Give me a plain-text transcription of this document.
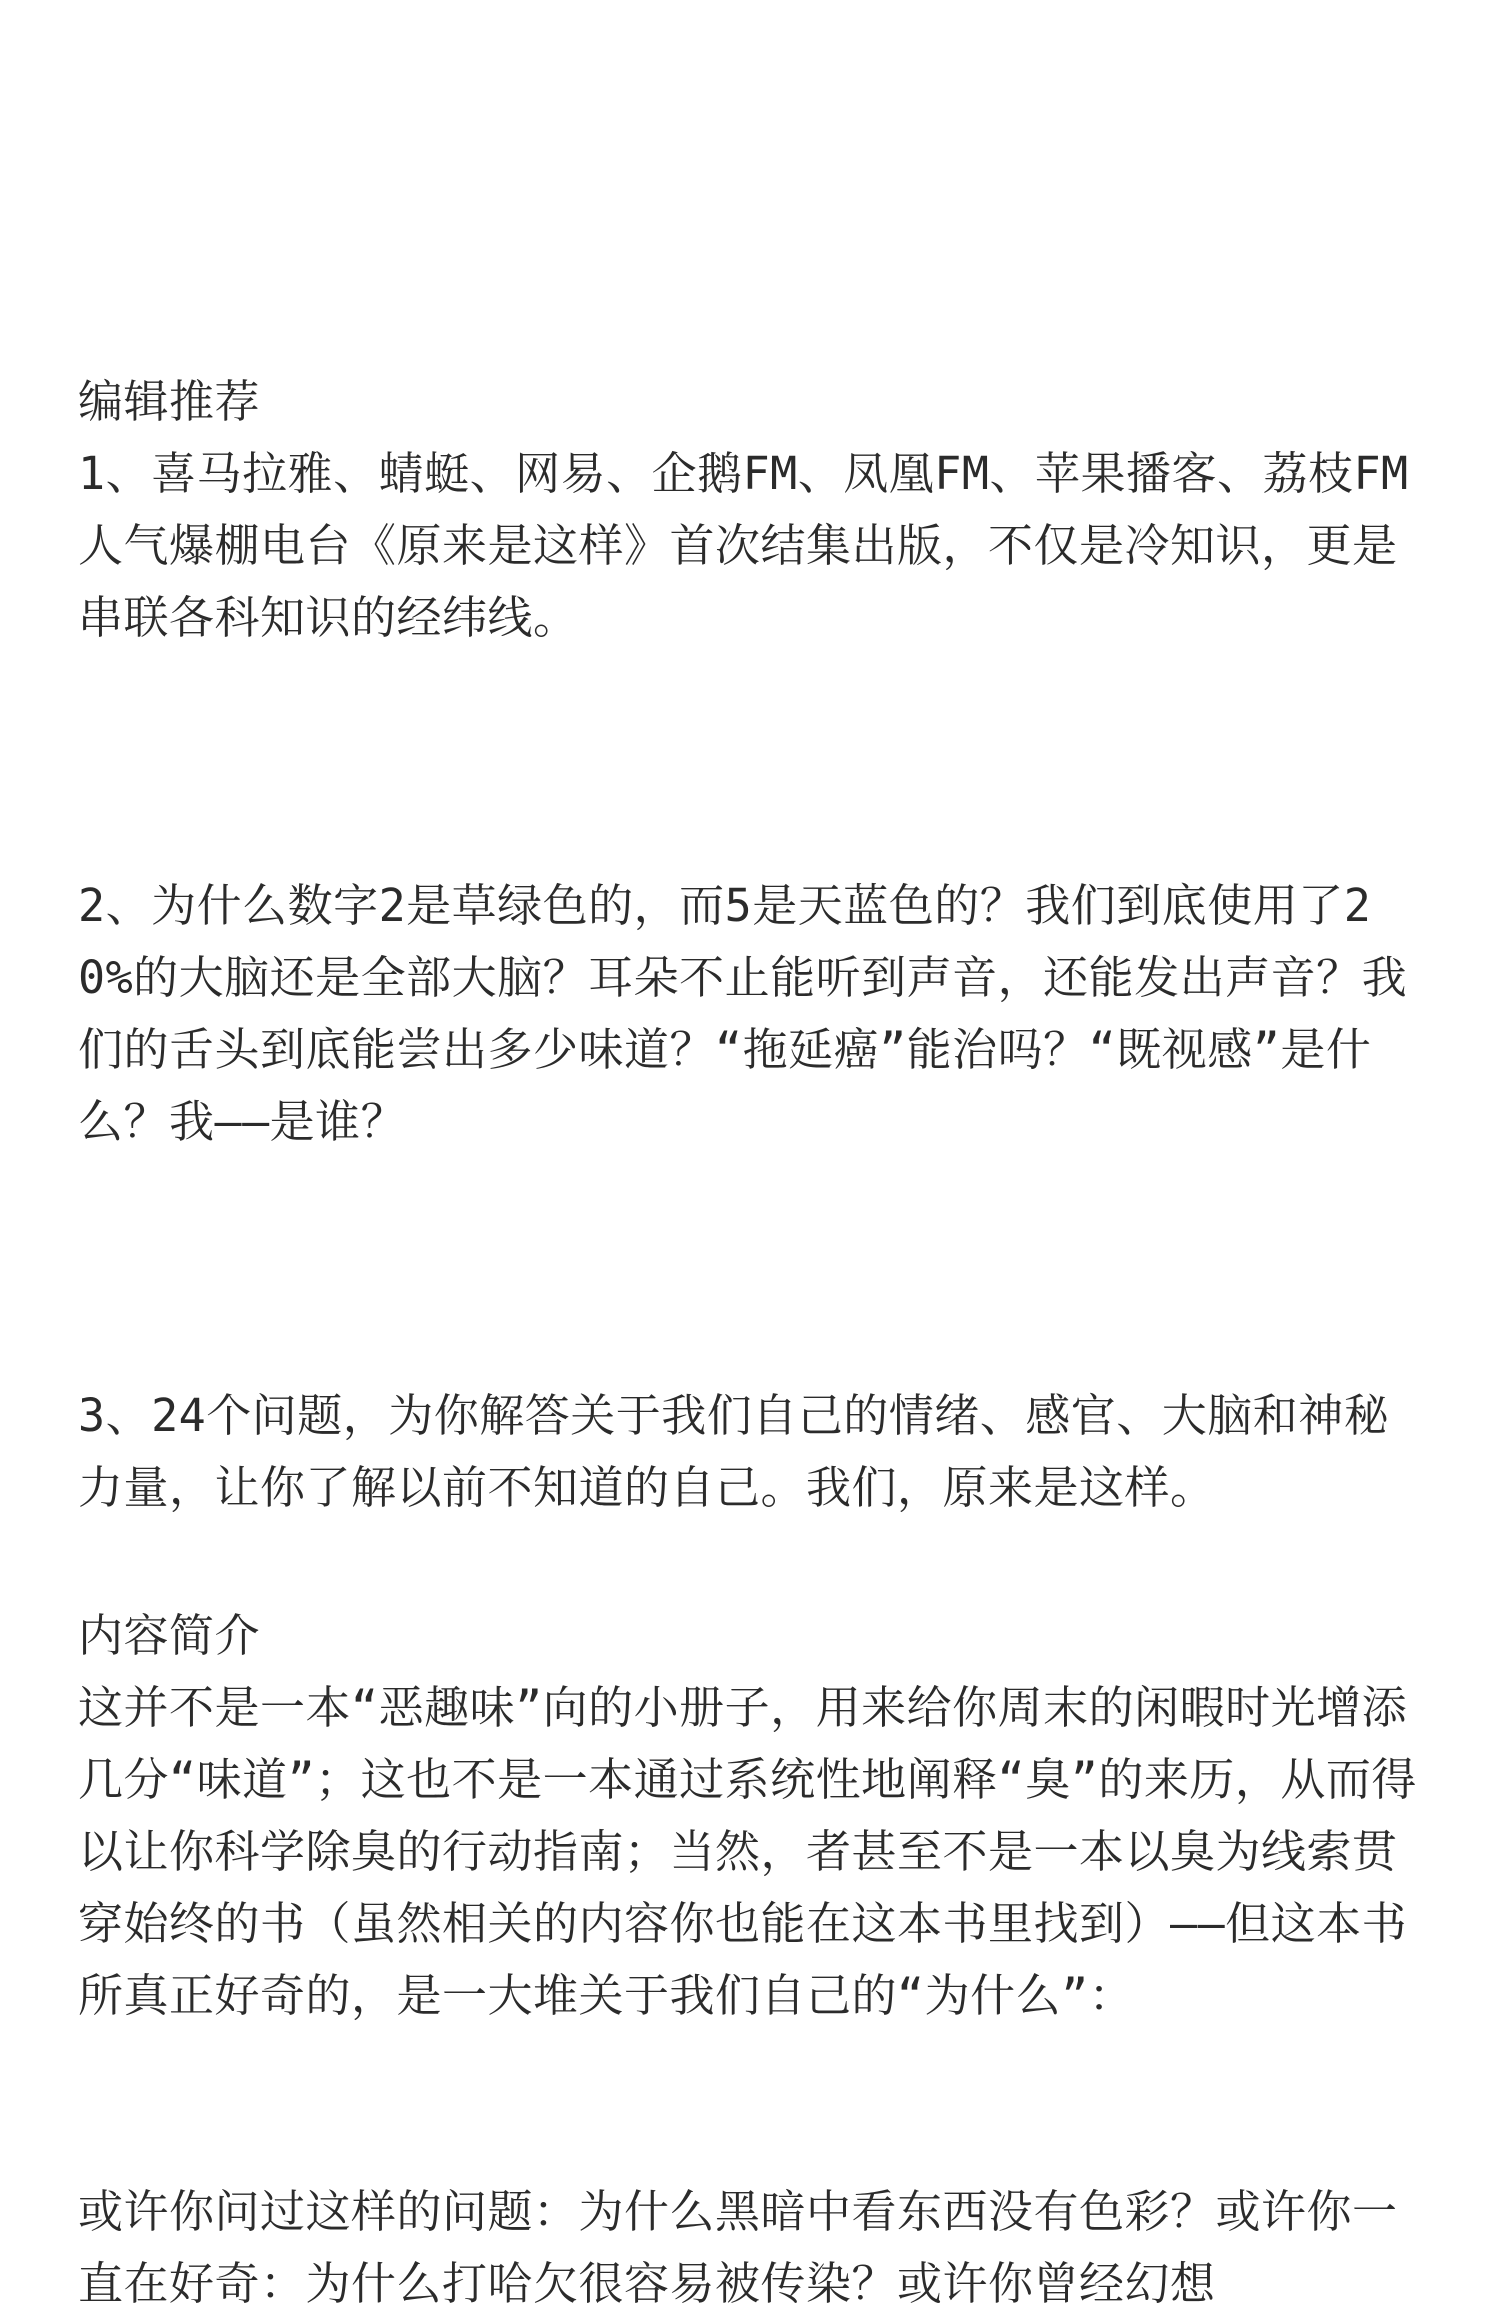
编辑推荐
1、喜马拉雅、蜻蜓、网易、企鹅FM、凤凰FM、苹果播客、荔枝FM人气爆棚电台《原来是这样》首次结集出版，不仅是冷知识，更是串联各科知识的经纬线。
2、为什么数字2是草绿色的，而5是天蓝色的？我们到底使用了20%的大脑还是全部大脑？耳朵不止能听到声音，还能发出声音？我们的舌头到底能尝出多少味道？“拖延癌”能治吗？“既视感”是什么？我——是谁？
3、24个问题，为你解答关于我们自己的情绪、感官、大脑和神秘力量，让你了解以前不知道的自己。我们，原来是这样。
内容简介
这并不是一本“恶趣味”向的小册子，用来给你周末的闲暇时光增添几分“味道”；这也不是一本通过系统性地阐释“臭”的来历，从而得以让你科学除臭的行动指南；当然，者甚至不是一本以臭为线索贯穿始终的书（虽然相关的内容你也能在这本书里找到）——但这本书所真正好奇的，是一大堆关于我们自己的“为什么”：
或许你问过这样的问题：为什么黑暗中看东西没有色彩？或许你一直在好奇：为什么打哈欠很容易被传染？或许你曾经幻想
